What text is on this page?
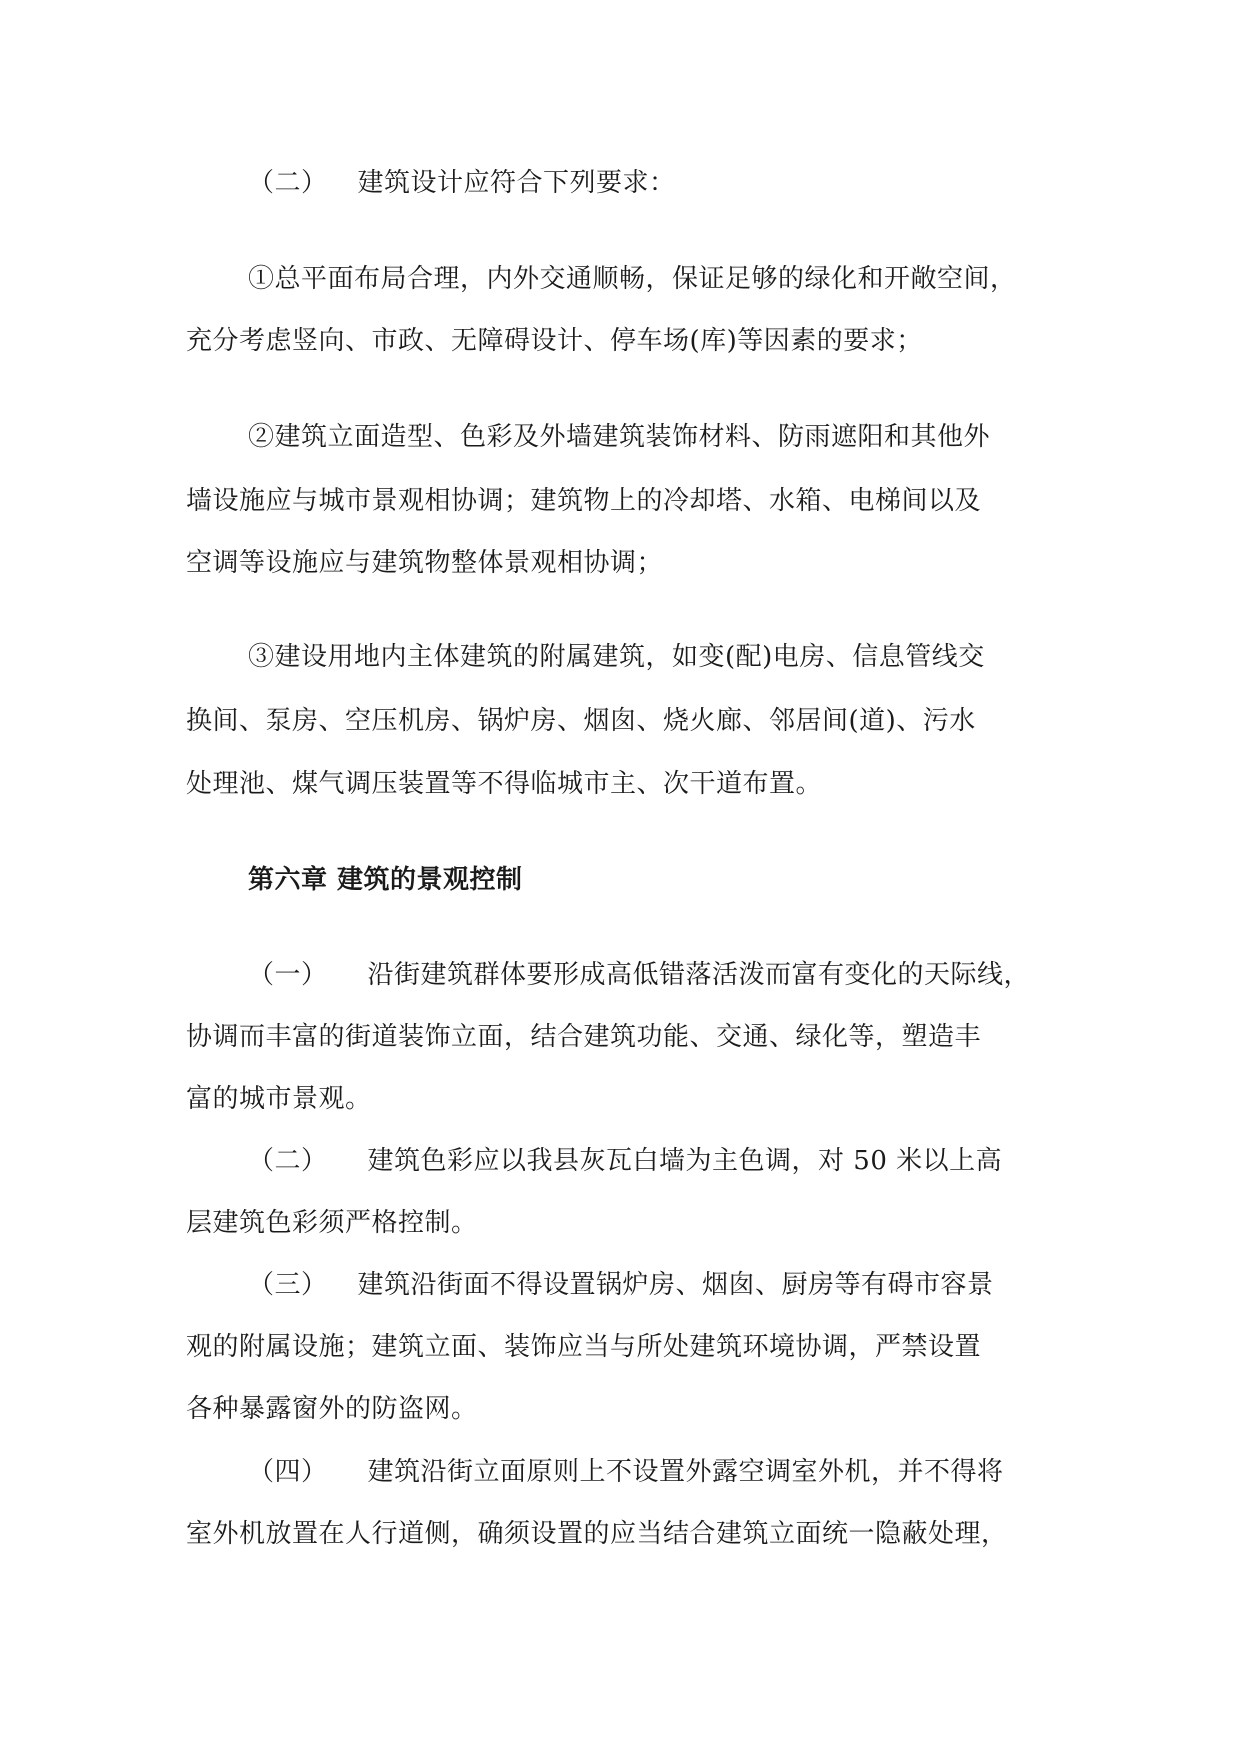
（二） 建筑设计应符合下列要求：
①总平面布局合理，内外交通顺畅，保证足够的绿化和开敞空间，
充分考虑竖向、市政、无障碍设计、停车场(库)等因素的要求；
②建筑立面造型、色彩及外墙建筑装饰材料、防雨遮阳和其他外
墙设施应与城市景观相协调；建筑物上的冷却塔、水箱、电梯间以及
空调等设施应与建筑物整体景观相协调；
③建设用地内主体建筑的附属建筑，如变(配)电房、信息管线交
换间、泵房、空压机房、锅炉房、烟囱、烧火廊、邻居间(道)、污水
处理池、煤气调压装置等不得临城市主、次干道布置。
第六章 建筑的景观控制
（一） 沿街建筑群体要形成高低错落活泼而富有变化的天际线，
协调而丰富的街道装饰立面，结合建筑功能、交通、绿化等，塑造丰
富的城市景观。
（二） 建筑色彩应以我县灰瓦白墙为主色调，对 50 米以上高
层建筑色彩须严格控制。
（三） 建筑沿街面不得设置锅炉房、烟囱、厨房等有碍市容景
观的附属设施；建筑立面、装饰应当与所处建筑环境协调，严禁设置
各种暴露窗外的防盗网。
（四） 建筑沿街立面原则上不设置外露空调室外机，并不得将
室外机放置在人行道侧，确须设置的应当结合建筑立面统一隐蔽处理，
